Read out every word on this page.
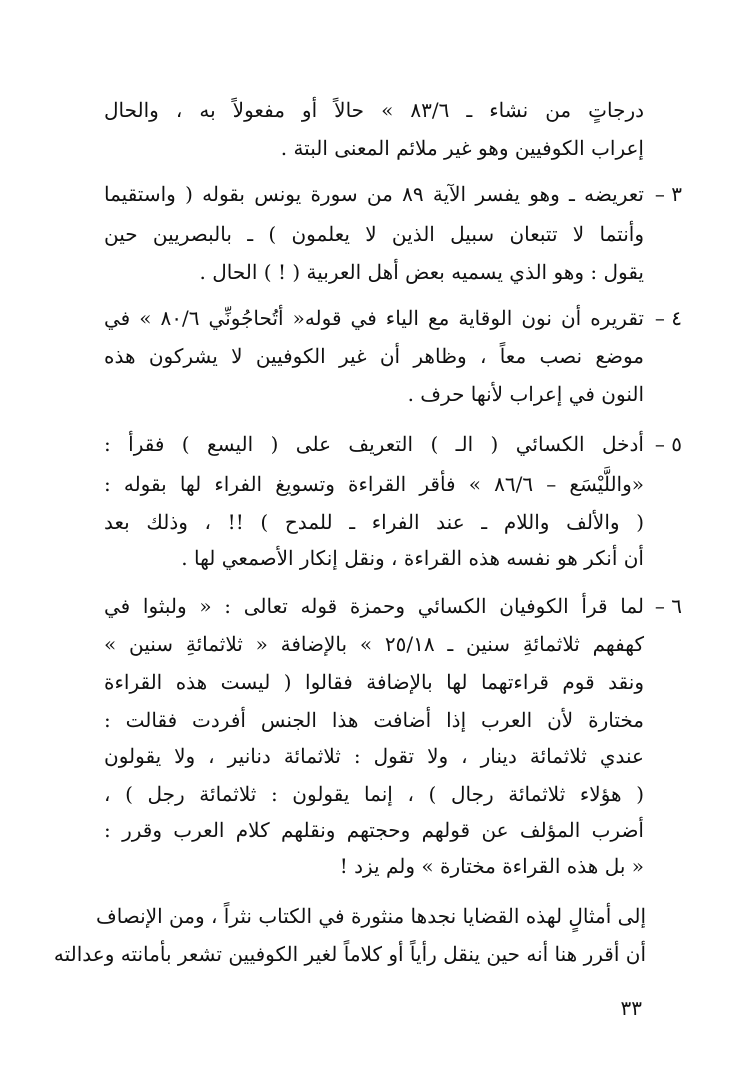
درجاتٍ من نشاء ـ ٨٣/٦ » حالاً أو مفعولاً به ، والحال
إعراب الكوفيين وهو غير ملائم المعنى البتة .
٣ –
تعريضه ـ وهو يفسر الآية ٨٩ من سورة يونس بقوله ( واستقيما
وأنتما لا تتبعان سبيل الذين لا يعلمون ) ـ بالبصريين حين
يقول : وهو الذي يسميه بعض أهل العربية ( ! ) الحال .
٤ –
تقريره أن نون الوقاية مع الياء في قوله« أتُحاجُونِّي ٨٠/٦ » في
موضع نصب معاً ، وظاهر أن غير الكوفيين لا يشركون هذه
النون في إعراب لأنها حرف .
٥ –
أدخل الكسائي ( الـ ) التعريف على ( اليسع ) فقرأ :
«واللَّيْسَع – ٨٦/٦ » فأقر القراءة وتسويغ الفراء لها بقوله :
( والألف واللام ـ عند الفراء ـ للمدح ) !! ، وذلك بعد
أن أنكر هو نفسه هذه القراءة ، ونقل إنكار الأصمعي لها .
٦ –
لما قرأ الكوفيان الكسائي وحمزة قوله تعالى : « ولبثوا في
كهفهم ثلاثمائةِ سنين ـ ٢٥/١٨ » بالإضافة « ثلاثمائةِ سنين »
ونقد قوم قراءتهما لها بالإضافة فقالوا ( ليست هذه القراءة
مختارة لأن العرب إذا أضافت هذا الجنس أفردت فقالت :
عندي ثلاثمائة دينار ، ولا تقول : ثلاثمائة دنانير ، ولا يقولون
( هؤلاء ثلاثمائة رجال ) ، إنما يقولون : ثلاثمائة رجل ) ،
أضرب المؤلف عن قولهم وحجتهم ونقلهم كلام العرب وقرر :
« بل هذه القراءة مختارة » ولم يزد !
إلى أمثالٍ لهذه القضايا نجدها منثورة في الكتاب نثراً ، ومن الإنصاف
أن أقرر هنا أنه حين ينقل رأياً أو كلاماً لغير الكوفيين تشعر بأمانته وعدالته
٣٣
